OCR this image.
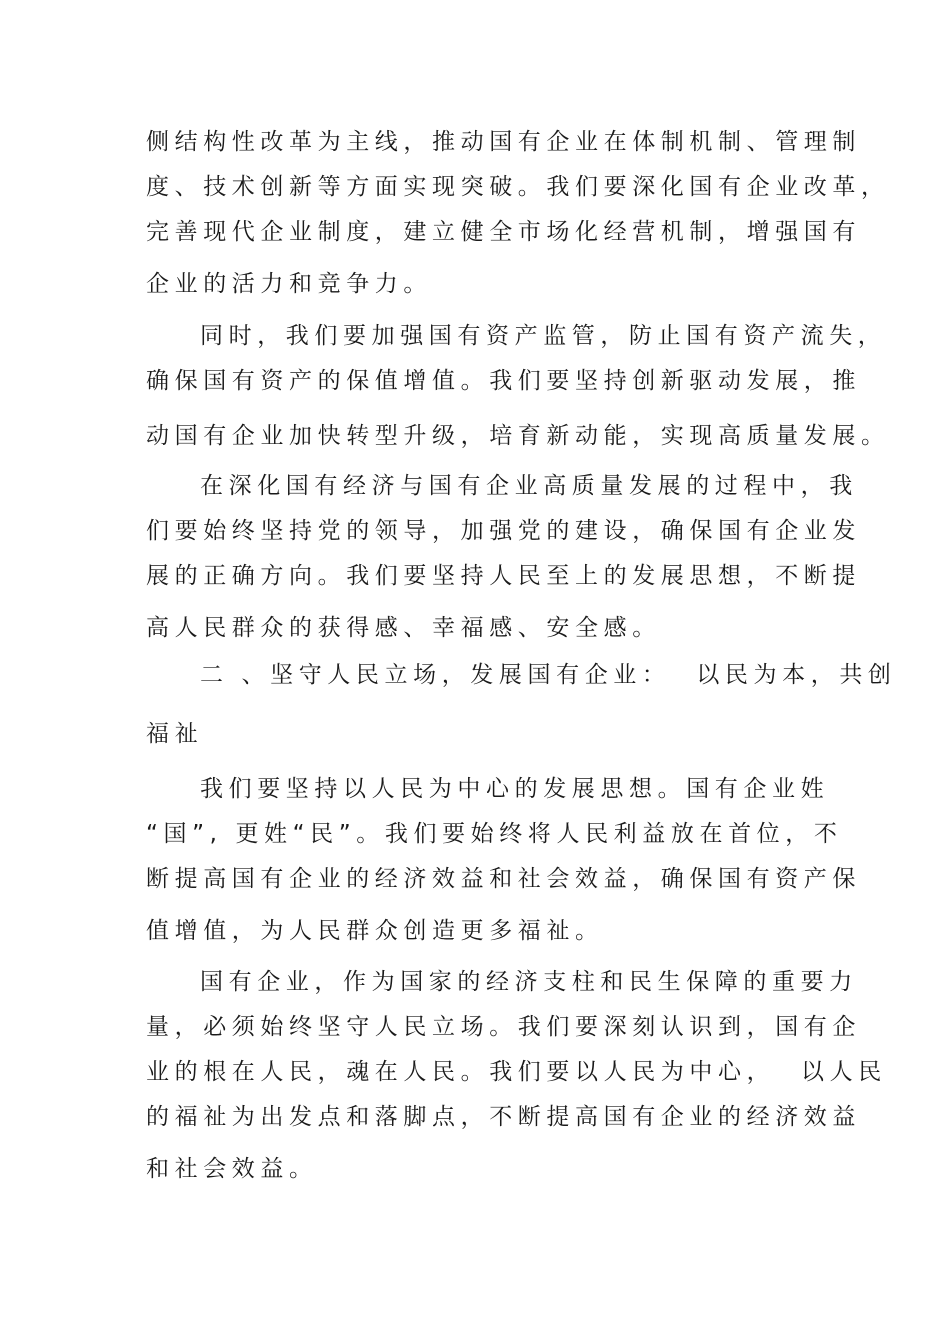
侧结构性改革为主线，推动国有企业在体制机制、管理制
度、技术创新等方面实现突破。我们要深化国有企业改革，
完善现代企业制度，建立健全市场化经营机制，增强国有
企业的活力和竞争力。
同时，我们要加强国有资产监管，防止国有资产流失，
确保国有资产的保值增值。我们要坚持创新驱动发展，推
动国有企业加快转型升级，培育新动能，实现高质量发展。
在深化国有经济与国有企业高质量发展的过程中，我
们要始终坚持党的领导，加强党的建设，确保国有企业发
展的正确方向。我们要坚持人民至上的发展思想，不断提
高人民群众的获得感、幸福感、安全感。
二 、坚守人民立场，发展国有企业：  以民为本，共创
福祉
我们要坚持以人民为中心的发展思想。国有企业姓
“国”, 更姓“民”。我们要始终将人民利益放在首位，不
断提高国有企业的经济效益和社会效益，确保国有资产保
值增值，为人民群众创造更多福祉。
国有企业，作为国家的经济支柱和民生保障的重要力
量，必须始终坚守人民立场。我们要深刻认识到，国有企
业的根在人民，魂在人民。我们要以人民为中心，  以人民
的福祉为出发点和落脚点，不断提高国有企业的经济效益
和社会效益。
